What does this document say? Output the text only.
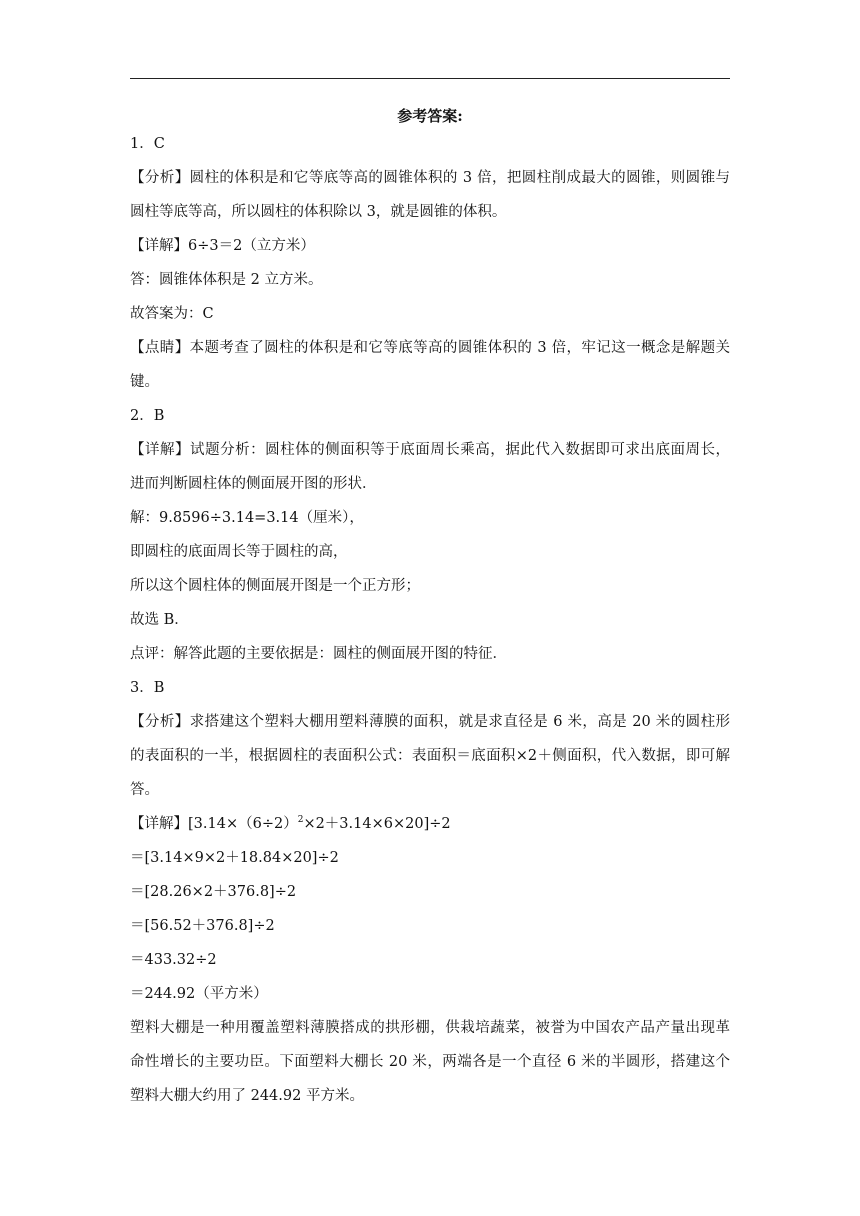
参考答案:
1．C
【分析】圆柱的体积是和它等底等高的圆锥体积的 3 倍，把圆柱削成最大的圆锥，则圆锥与
圆柱等底等高，所以圆柱的体积除以 3，就是圆锥的体积。
【详解】6÷3＝2（立方米）
答：圆锥体体积是 2 立方米。
故答案为：C
【点睛】本题考查了圆柱的体积是和它等底等高的圆锥体积的 3 倍，牢记这一概念是解题关
键。
2．B
【详解】试题分析：圆柱体的侧面积等于底面周长乘高，据此代入数据即可求出底面周长，
进而判断圆柱体的侧面展开图的形状．
解：9.8596÷3.14=3.14（厘米），
即圆柱的底面周长等于圆柱的高，
所以这个圆柱体的侧面展开图是一个正方形；
故选 B．
点评：解答此题的主要依据是：圆柱的侧面展开图的特征．
3．B
【分析】求搭建这个塑料大棚用塑料薄膜的面积，就是求直径是 6 米，高是 20 米的圆柱形
的表面积的一半，根据圆柱的表面积公式：表面积＝底面积×2＋侧面积，代入数据，即可解
答。
【详解】$[3.14\times(6\div 2)^2\times 2+3.14\times 6\times 20]\div 2$
＝[3.14×9×2＋18.84×20]÷2
＝[28.26×2＋376.8]÷2
＝[56.52＋376.8]÷2
＝433.32÷2
＝244.92（平方米）
塑料大棚是一种用覆盖塑料薄膜搭成的拱形棚，供栽培蔬菜，被誉为中国农产品产量出现革
命性增长的主要功臣。下面塑料大棚长 20 米，两端各是一个直径 6 米的半圆形，搭建这个
塑料大棚大约用了 244.92 平方米。
